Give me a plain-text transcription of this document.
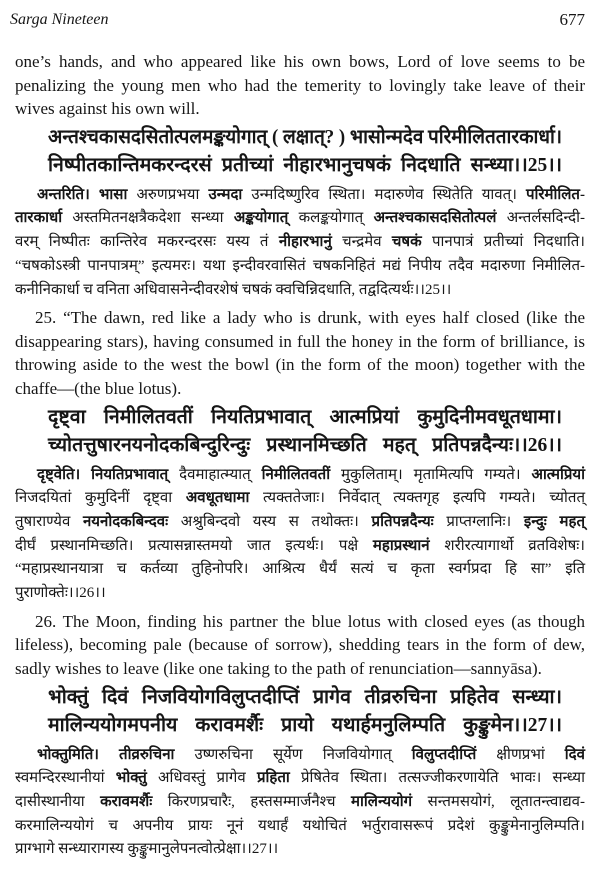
Sarga Nineteen	677
one’s hands, and who appeared like his own bows, Lord of love seems to be
penalizing the young men who had the temerity to lovingly take leave of their
wives against his own will.
अन्तश्चकासदसितोत्पलमङ्कयोगात् ( लक्षात्? ) भासोन्मदेव परिमीलिततारकार्धा।
निष्पीतकान्तिमकरन्दरसं प्रतीच्यां नीहारभानुचषकं निदधाति सन्ध्या।।25।।
अन्तरिति। भासा अरुणप्रभया उन्मदा उन्मदिष्णुरिव स्थिता। मदारुणेव स्थितेति यावत्। परिमीलित-
तारकार्धा अस्तमितनक्षत्रैकदेशा सन्ध्या अङ्कयोगात् कलङ्कयोगात् अन्तश्चकासदसितोत्पलं अन्तर्लसदिन्दी-
वरम् निष्पीतः कान्तिरेव मकरन्दरसः यस्य तं नीहारभानुं चन्द्रमेव चषकं पानपात्रं प्रतीच्यां निदधाति।
“चषकोऽस्त्री पानपात्रम्” इत्यमरः। यथा इन्दीवरवासितं चषकनिहितं मद्यं निपीय तदैव मदारुणा निमीलित-
कनीनिकार्धा च वनिता अधिवासनेन्दीवरशेषं चषकं क्वचिन्निदधाति, तद्वदित्यर्थः।।25।।
25. “The dawn, red like a lady who is drunk, with eyes half closed (like the
disappearing stars), having consumed in full the honey in the form of brilliance, is
throwing aside to the west the bowl (in the form of the moon) together with the
chaffe—(the blue lotus).
दृष्ट्वा निमीलितवतीं नियतिप्रभावात् आत्मप्रियां कुमुदिनीमवधूतधामा।
च्योतत्तुषारनयनोदकबिन्दुरिन्दुः प्रस्थानमिच्छति महत् प्रतिपन्नदैन्यः।।26।।
दृष्ट्वेति। नियतिप्रभावात् दैवमाहात्म्यात् निमीलितवतीं मुकुलिताम्। मृतामित्यपि गम्यते। आत्मप्रियां
निजदयितां कुमुदिनीं दृष्ट्वा अवधूतधामा त्यक्ततेजाः। निर्वेदात् त्यक्तगृह इत्यपि गम्यते। च्योतत्
तुषाराण्येव नयनोदकबिन्दवः अश्रुबिन्दवो यस्य स तथोक्तः। प्रतिपन्नदैन्यः प्राप्तग्लानिः। इन्दुः महत्
दीर्घं प्रस्थानमिच्छति। प्रत्यासन्नास्तमयो जात इत्यर्थः। पक्षे महाप्रस्थानं शरीरत्यागार्थो व्रतविशेषः।
“महाप्रस्थानयात्रा च कर्तव्या तुहिनोपरि। आश्रित्य धैर्यं सत्यं च कृता स्वर्गप्रदा हि सा” इति
पुराणोक्तेः।।26।।
26. The Moon, finding his partner the blue lotus with closed eyes (as though
lifeless), becoming pale (because of sorrow), shedding tears in the form of dew,
sadly wishes to leave (like one taking to the path of renunciation—sannyāsa).
भोक्तुं दिवं निजवियोगविलुप्तदीप्तिं प्रागेव तीव्ररुचिना प्रहितेव सन्ध्या।
मालिन्ययोगमपनीय करावमर्शैः प्रायो यथार्हमनुलिम्पति कुङ्कुमेन।।27।।
भोक्तुमिति। तीव्ररुचिना उष्णरुचिना सूर्येण निजवियोगात् विलुप्तदीप्तिं क्षीणप्रभां दिवं
स्वमन्दिरस्थानीयां भोक्तुं अधिवस्तुं प्रागेव प्रहिता प्रेषितेव स्थिता। तत्सज्जीकरणायेति भावः। सन्ध्या
दासीस्थानीया करावमर्शैः किरणप्रचारैः, हस्तसम्मार्जनैश्च मालिन्ययोगं सन्तमसयोगं, लूतातन्त्वाद्यव-
करमालिन्ययोगं च अपनीय प्रायः नूनं यथार्हं यथोचितं भर्तुरावासरूपं प्रदेशं कुङ्कुमेनानुलिम्पति।
प्राग्भागे सन्ध्यारागस्य कुङ्कुमानुलेपनत्वोत्प्रेक्षा।।27।।
